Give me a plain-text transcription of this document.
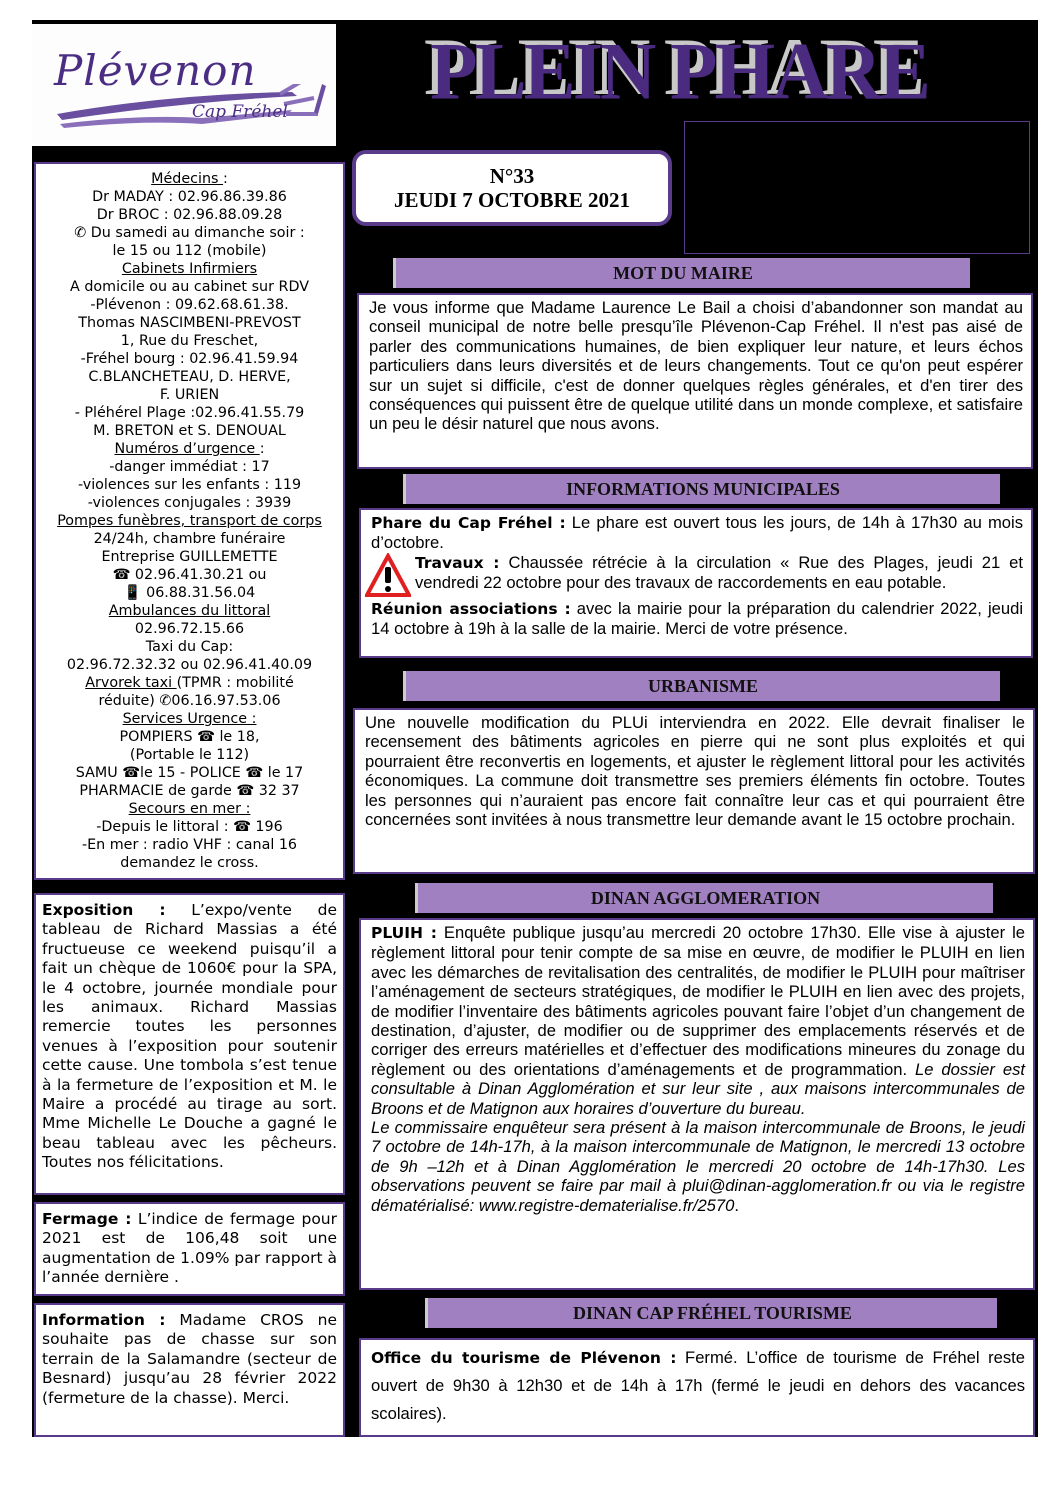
Plévenon
Cap Fréhel PLEIN PHARE
N°33
JEUDI 7 OCTOBRE 2021
Médecins :
Dr MADAY : 02.96.86.39.86
Dr BROC : 02.96.88.09.28
✆ Du samedi au dimanche soir :
le 15 ou 112 (mobile)
Cabinets Infirmiers
A domicile ou au cabinet sur RDV
-Plévenon : 09.62.68.61.38.
Thomas NASCIMBENI-PREVOST
1, Rue du Freschet,
-Fréhel bourg : 02.96.41.59.94
C.BLANCHETEAU, D. HERVE,
F. URIEN
- Pléhérel Plage :02.96.41.55.79
M. BRETON et S. DENOUAL
Numéros d’urgence :
-danger immédiat : 17
-violences sur les enfants : 119
-violences conjugales : 3939
Pompes funèbres, transport de corps
24/24h, chambre funéraire
Entreprise GUILLEMETTE
☎ 02.96.41.30.21 ou
📱 06.88.31.56.04
Ambulances du littoral
02.96.72.15.66
Taxi du Cap:
02.96.72.32.32 ou 02.96.41.40.09
Arvorek taxi (TPMR : mobilité
réduite) ✆06.16.97.53.06
Services Urgence :
POMPIERS ☎ le 18,
(Portable le 112)
SAMU ☎le 15 - POLICE ☎ le 17
PHARMACIE de garde ☎ 32 37
Secours en mer :
-Depuis le littoral : ☎ 196
-En mer : radio VHF : canal 16
demandez le cross.
Exposition : L’expo/vente de tableau de Richard Massias a été fructueuse ce weekend puisqu’il a fait un chèque de 1060€ pour la SPA, le 4 octobre, journée mondiale pour les animaux. Richard Massias remercie toutes les personnes venues à l’exposition pour soutenir cette cause. Une tombola s’est tenue à la fermeture de l’exposition et M. le Maire a procédé au tirage au sort. Mme Michelle Le Douche a gagné le beau tableau avec les pêcheurs. Toutes nos félicitations.
Fermage : L’indice de fermage pour 2021 est de 106,48 soit une augmentation de 1.09% par rapport à l’année dernière .
Information : Madame CROS ne souhaite pas de chasse sur son terrain de la Salamandre (secteur de Besnard) jusqu’au 28 février 2022 (fermeture de la chasse). Merci.
MOT DU MAIRE

Je vous informe que Madame Laurence Le Bail a choisi d’abandonner son mandat au conseil municipal de notre belle presqu’île Plévenon-Cap Fréhel. Il n'est pas aisé de parler des communications humaines, de bien expliquer leur nature, et leurs échos particuliers dans leurs diversités et de leurs changements. Tout ce qu'on peut espérer sur un sujet si difficile, c'est de donner quelques règles générales, et d'en tirer des conséquences qui puissent être de quelque utilité dans un monde complexe, et satisfaire un peu le désir naturel que nous avons.

INFORMATIONS MUNICIPALES

Phare du Cap Fréhel : Le phare est ouvert tous les jours, de 14h à 17h30 au mois d’octobre.

Travaux : Chaussée rétrécie à la circulation « Rue des Plages, jeudi 21 et vendredi 22 octobre pour des travaux de raccordements en eau potable.

Réunion associations : avec la mairie pour la préparation du calendrier 2022, jeudi 14 octobre à 19h à la salle de la mairie. Merci de votre présence.

URBANISME

Une nouvelle modification du PLUi interviendra en 2022. Elle devrait finaliser le recensement des bâtiments agricoles en pierre qui ne sont plus exploités et qui pourraient être reconvertis en logements, et ajuster le règlement littoral pour les activités économiques. La commune doit transmettre ses premiers éléments fin octobre. Toutes les personnes qui n’auraient pas encore fait connaître leur cas et qui pourraient être concernées sont invitées à nous transmettre leur demande avant le 15 octobre prochain.

DINAN AGGLOMERATION

PLUIH : Enquête publique jusqu’au mercredi 20 octobre 17h30. Elle vise à ajuster le règlement littoral pour tenir compte de sa mise en œuvre, de modifier le PLUIH en lien avec les démarches de revitalisation des centralités, de modifier le PLUIH pour maîtriser l’aménagement de secteurs stratégiques, de modifier le PLUIH en lien avec des projets, de modifier l’inventaire des bâtiments agricoles pouvant faire l’objet d’un changement de destination, d’ajuster, de modifier ou de supprimer des emplacements réservés et de corriger des erreurs matérielles et d’effectuer des modifications mineures du zonage du règlement ou des orientations d’aménagements et de programmation. Le dossier est consultable à Dinan Agglomération et sur leur site , aux maisons intercommunales de Broons et de Matignon aux horaires d’ouverture du bureau.

Le commissaire enquêteur sera présent à la maison intercommunale de Broons, le jeudi 7 octobre de 14h-17h, à la maison intercommunale de Matignon, le mercredi 13 octobre de 9h –12h et à Dinan Agglomération le mercredi 20 octobre de 14h-17h30. Les observations peuvent se faire par mail à plui@dinan-agglomeration.fr ou via le registre dématérialisé: www.registre-dematerialise.fr/2570.

DINAN CAP FRÉHEL TOURISME

Office du tourisme de Plévenon : Fermé. L’office de tourisme de Fréhel reste ouvert de 9h30 à 12h30 et de 14h à 17h (fermé le jeudi en dehors des vacances scolaires).
